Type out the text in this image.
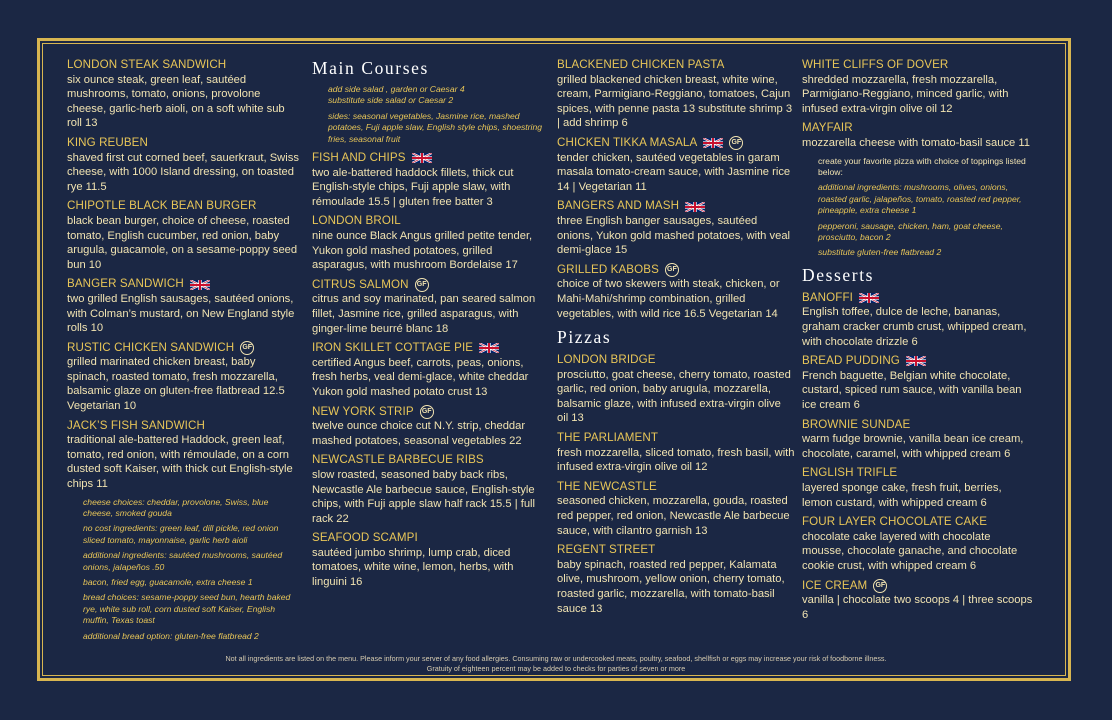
LONDON STEAK SANDWICH
six ounce steak, green leaf, sautéed mushrooms, tomato, onions, provolone cheese, garlic-herb aioli, on a soft white sub roll 13
KING REUBEN
shaved first cut corned beef, sauerkraut, Swiss cheese, with 1000 Island dressing, on toasted rye 11.5
CHIPOTLE BLACK BEAN BURGER
black bean burger, choice of cheese, roasted tomato, English cucumber, red onion, baby arugula, guacamole, on a sesame-poppy seed bun 10
BANGER SANDWICH
two grilled English sausages, sautéed onions, with Colman’s mustard, on New England style rolls 10
RUSTIC CHICKEN SANDWICH	GF
grilled marinated chicken breast, baby spinach, roasted tomato, fresh mozzarella, balsamic glaze on gluten-free flatbread 12.5 Vegetarian 10
JACK’S FISH SANDWICH
traditional ale-battered Haddock, green leaf, tomato, red onion, with rémoulade, on a corn dusted soft Kaiser, with thick cut English-style chips 11
cheese choices: cheddar, provolone, Swiss, blue cheese, smoked gouda
no cost ingredients: green leaf, dill pickle, red onion sliced tomato, mayonnaise, garlic herb aioli
additional ingredients: sautéed mushrooms, sautéed onions, jalapeños .50
bacon, fried egg, guacamole, extra cheese 1
bread choices: sesame-poppy seed bun, hearth baked rye, white sub roll, corn dusted soft Kaiser, English muffin, Texas toast
additional bread option: gluten-free flatbread 2
Main Courses
add side salad , garden or Caesar 4
substitute side salad or Caesar 2
sides: seasonal vegetables, Jasmine rice, mashed potatoes, Fuji apple slaw, English style chips, shoestring fries, seasonal fruit
FISH AND CHIPS
two ale-battered haddock fillets, thick cut English-style chips, Fuji apple slaw, with rémoulade 15.5 | gluten free batter 3
LONDON BROIL
nine ounce Black Angus grilled petite tender, Yukon gold mashed potatoes, grilled asparagus, with mushroom Bordelaise 17
CITRUS SALMON	GF
citrus and soy marinated, pan seared salmon fillet, Jasmine rice, grilled asparagus, with ginger-lime beurré blanc 18
IRON SKILLET COTTAGE PIE
certified Angus beef, carrots, peas, onions, fresh herbs, veal demi-glace, white cheddar Yukon gold mashed potato crust 13
NEW YORK STRIP	GF
twelve ounce choice cut N.Y. strip, cheddar mashed potatoes, seasonal vegetables 22
NEWCASTLE BARBECUE RIBS
slow roasted, seasoned baby back ribs, Newcastle Ale barbecue sauce, English-style chips, with Fuji apple slaw half rack 15.5 | full rack 22
SEAFOOD SCAMPI
sautéed jumbo shrimp, lump crab, diced tomatoes, white wine, lemon, herbs, with linguini 16
BLACKENED CHICKEN PASTA
grilled blackened chicken breast, white wine, cream, Parmigiano-Reggiano, tomatoes, Cajun spices, with penne pasta 13 substitute shrimp 3 | add shrimp 6
CHICKEN TIKKA MASALA	GF
tender chicken, sautéed vegetables in garam masala tomato-cream sauce, with Jasmine rice 14 | Vegetarian 11
BANGERS AND MASH
three English banger sausages, sautéed onions, Yukon gold mashed potatoes, with veal demi-glace 15
GRILLED KABOBS	GF
choice of two skewers with steak, chicken, or Mahi-Mahi/shrimp combination, grilled vegetables, with wild rice 16.5 Vegetarian 14
Pizzas
LONDON BRIDGE
prosciutto, goat cheese, cherry tomato, roasted garlic, red onion, baby arugula, mozzarella, balsamic glaze, with infused extra-virgin olive oil 13
THE PARLIAMENT
fresh mozzarella, sliced tomato, fresh basil, with infused extra-virgin olive oil 12
THE NEWCASTLE
seasoned chicken, mozzarella, gouda, roasted red pepper, red onion, Newcastle Ale barbecue sauce, with cilantro garnish 13
REGENT STREET
baby spinach, roasted red pepper, Kalamata olive, mushroom, yellow onion, cherry tomato, roasted garlic, mozzarella, with tomato-basil sauce 13
WHITE CLIFFS OF DOVER
shredded mozzarella, fresh mozzarella, Parmigiano-Reggiano, minced garlic, with infused extra-virgin olive oil 12
MAYFAIR
mozzarella cheese with tomato-basil sauce 11
create your favorite pizza with choice of toppings listed below:
additional ingredients: mushrooms, olives, onions, roasted garlic, jalapeños, tomato, roasted red pepper, pineapple, extra cheese 1
pepperoni, sausage, chicken, ham, goat cheese, prosciutto, bacon 2
substitute gluten-free flatbread 2
Desserts
BANOFFI
English toffee, dulce de leche, bananas, graham cracker crumb crust, whipped cream, with chocolate drizzle 6
BREAD PUDDING
French baguette, Belgian white chocolate, custard, spiced rum sauce, with vanilla bean ice cream 6
BROWNIE SUNDAE
warm fudge brownie, vanilla bean ice cream, chocolate, caramel, with whipped cream 6
ENGLISH TRIFLE
layered sponge cake, fresh fruit, berries, lemon custard, with whipped cream 6
FOUR LAYER CHOCOLATE CAKE
chocolate cake layered with chocolate mousse, chocolate ganache, and chocolate cookie crust, with whipped cream 6
ICE CREAM	GF
vanilla | chocolate two scoops 4 | three scoops 6
Not all ingredients are listed on the menu. Please inform your server of any food allergies. Consuming raw or undercooked meats, poultry, seafood, shellfish or eggs may increase your risk of foodborne illness.
Gratuity of eighteen percent may be added to checks for parties of seven or more
